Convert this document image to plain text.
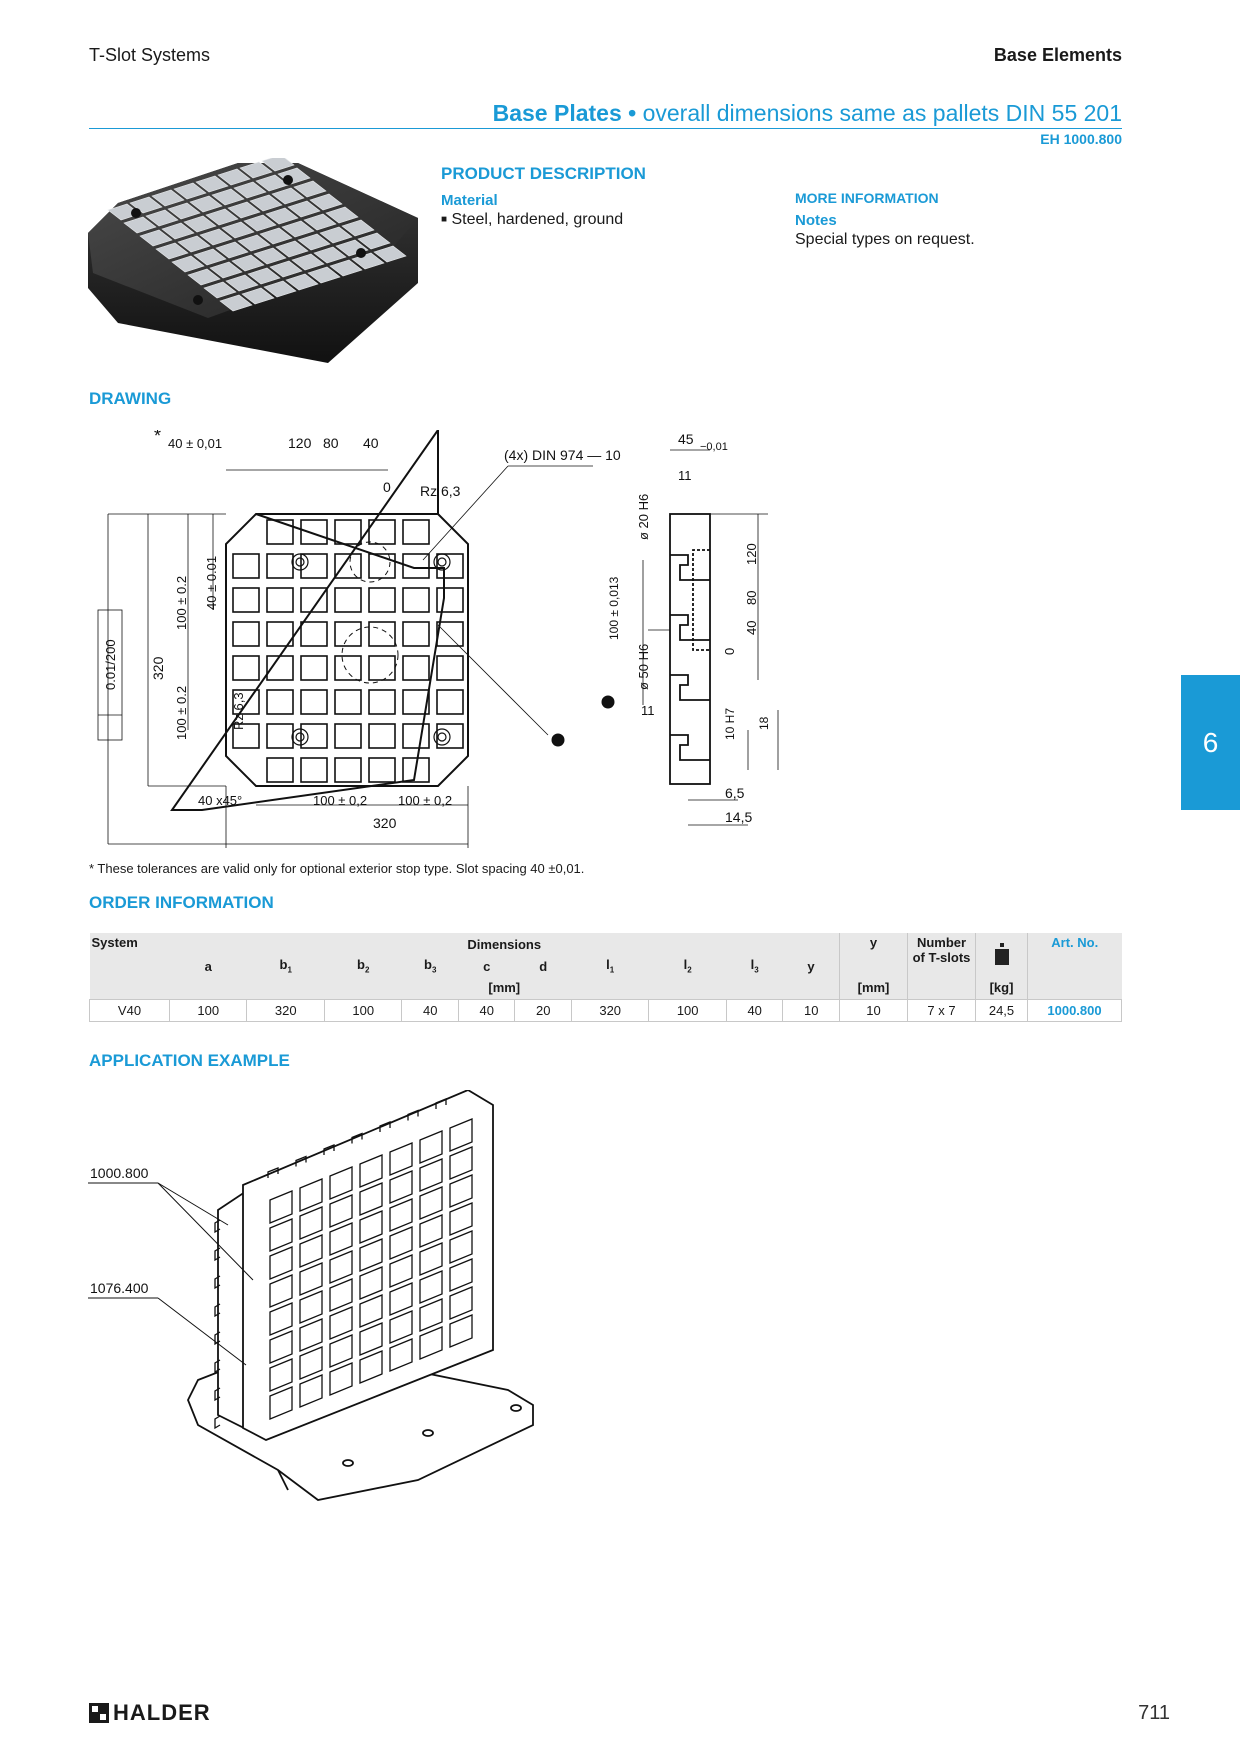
T-Slot Systems	Base Elements
Base Plates • overall dimensions same as pallets DIN 55 201
EH 1000.800
PRODUCT DESCRIPTION
Material
■ Steel, hardened, ground
MORE INFORMATION
Notes
Special types on request.
DRAWING
* 40 ± 0,01	120 80 40
0 Rz 6,3
(4x) DIN 974 — 10
320
100 ± 0.2
100 ± 0.2 40 ± 0.01
0.01/200
Rz 6,3
40 x45°	100 ± 0,2 100 ± 0,2
320
45 −0,01
11
ø 20 H6
100 ± 0,013
ø 50 H6
11
120
80
40
0
10 H7 18
6,5
14,5
* These tolerances are valid only for optional exterior stop type. Slot spacing 40 ±0,01.
ORDER INFORMATION
System	Dimensions										y	Number of T-slots		Art. No.
	a	$b_1$	$b_2$	$b_3$	c	d	$l_1$	$l_2$	$l_3$	y				
	[mm]										[mm]		[kg]	
V40	100	320	100	40	40	20	320	100	40	10	10	7 x 7	24,5	1000.800
APPLICATION EXAMPLE
1000.800
1076.400
6
HALDER	711
